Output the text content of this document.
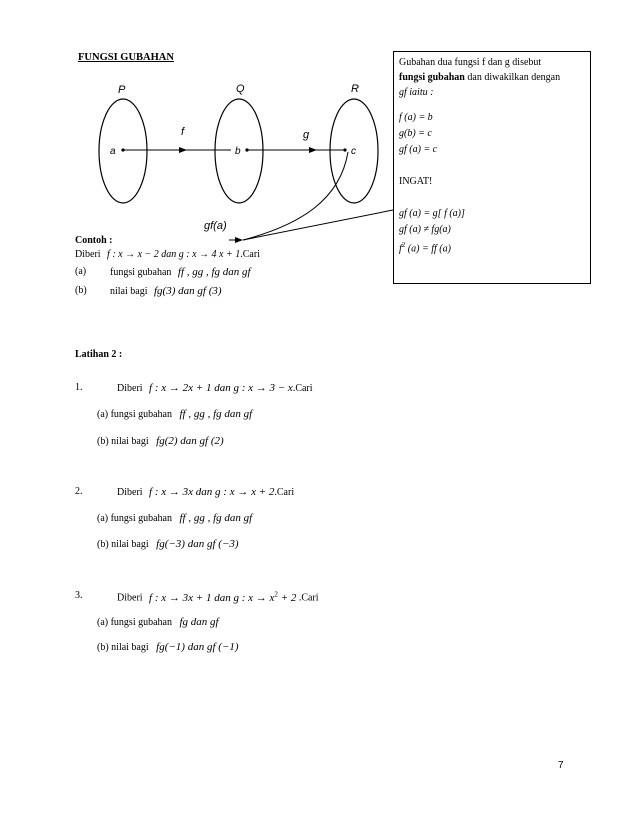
FUNGSI GUBAHAN
P	Q	R
a	b	c
f	g
gf(a)
Gubahan dua fungsi f dan g disebut
fungsi gubahan dan diwakilkan dengan
gf iaitu :
f (a) = b
g(b) = c
gf (a) = c
INGAT!
gf (a) = g[ f (a)]
gf (a) ≠ fg(a)
$f^2$ (a) = ff (a)
Contoh :
Diberi f : x → x − 2 dan g : x → 4 x + 1.Cari
(a) fungsi gubahan ff , gg , fg dan gf
(b) nilai bagi fg(3) dan gf (3)
Latihan 2 :
1.	Diberi f : x → 2x + 1 dan g : x → 3 − x.Cari
(a) fungsi gubahan ff , gg , fg dan gf
(b) nilai bagi fg(2) dan gf (2)
2.	Diberi f : x → 3x dan g : x → x + 2.Cari
(a) fungsi gubahan ff , gg , fg dan gf
(b) nilai bagi fg(−3) dan gf (−3)
3.	Diberi f : x → 3x + 1 dan g : $x \to x^2 + 2$ .Cari
(a) fungsi gubahan fg dan gf
(b) nilai bagi fg(−1) dan gf (−1)
7
